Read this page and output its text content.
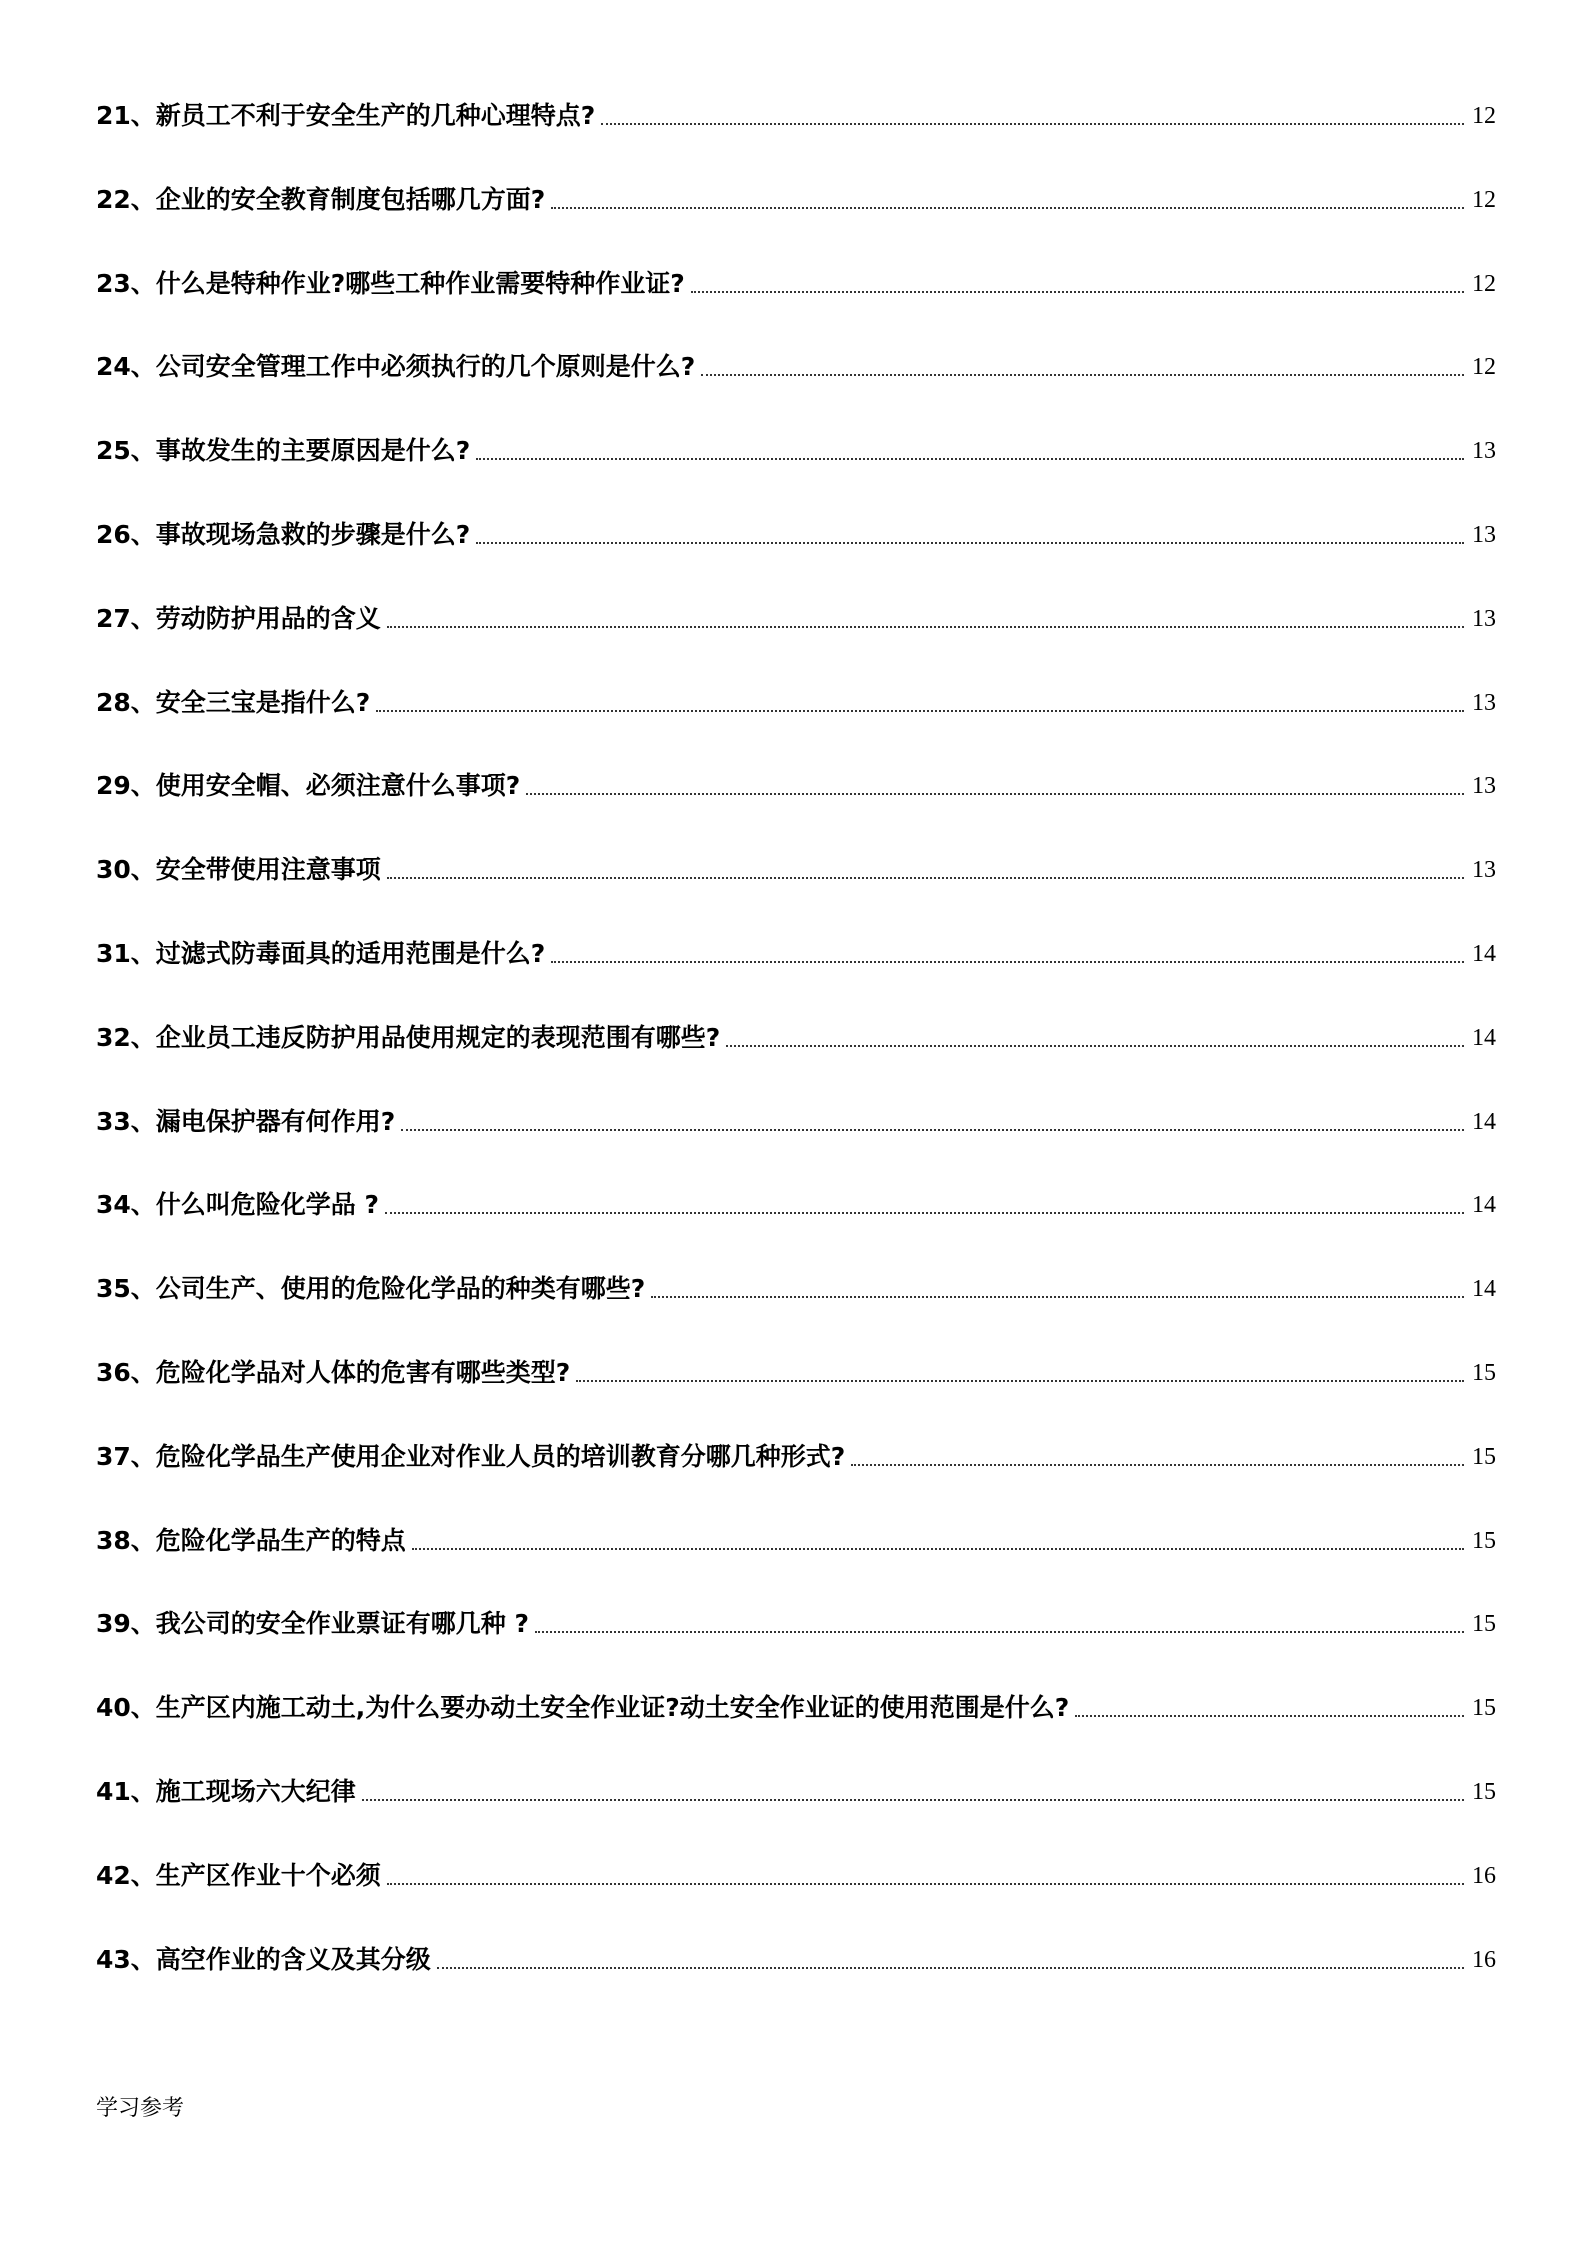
21、新员工不利于安全生产的几种心理特点?	12
22、企业的安全教育制度包括哪几方面?	12
23、什么是特种作业?哪些工种作业需要特种作业证?	12
24、公司安全管理工作中必须执行的几个原则是什么?	12
25、事故发生的主要原因是什么?	13
26、事故现场急救的步骤是什么?	13
27、劳动防护用品的含义	13
28、安全三宝是指什么?	13
29、使用安全帽、必须注意什么事项?	13
30、安全带使用注意事项	13
31、过滤式防毒面具的适用范围是什么?	14
32、企业员工违反防护用品使用规定的表现范围有哪些?	14
33、漏电保护器有何作用?	14
34、什么叫危险化学品 ?	14
35、公司生产、使用的危险化学品的种类有哪些?	14
36、危险化学品对人体的危害有哪些类型?	15
37、危险化学品生产使用企业对作业人员的培训教育分哪几种形式?	15
38、危险化学品生产的特点	15
39、我公司的安全作业票证有哪几种 ?	15
40、生产区内施工动土,为什么要办动土安全作业证?动土安全作业证的使用范围是什么?	15
41、施工现场六大纪律	15
42、生产区作业十个必须	16
43、高空作业的含义及其分级	16
学习参考
